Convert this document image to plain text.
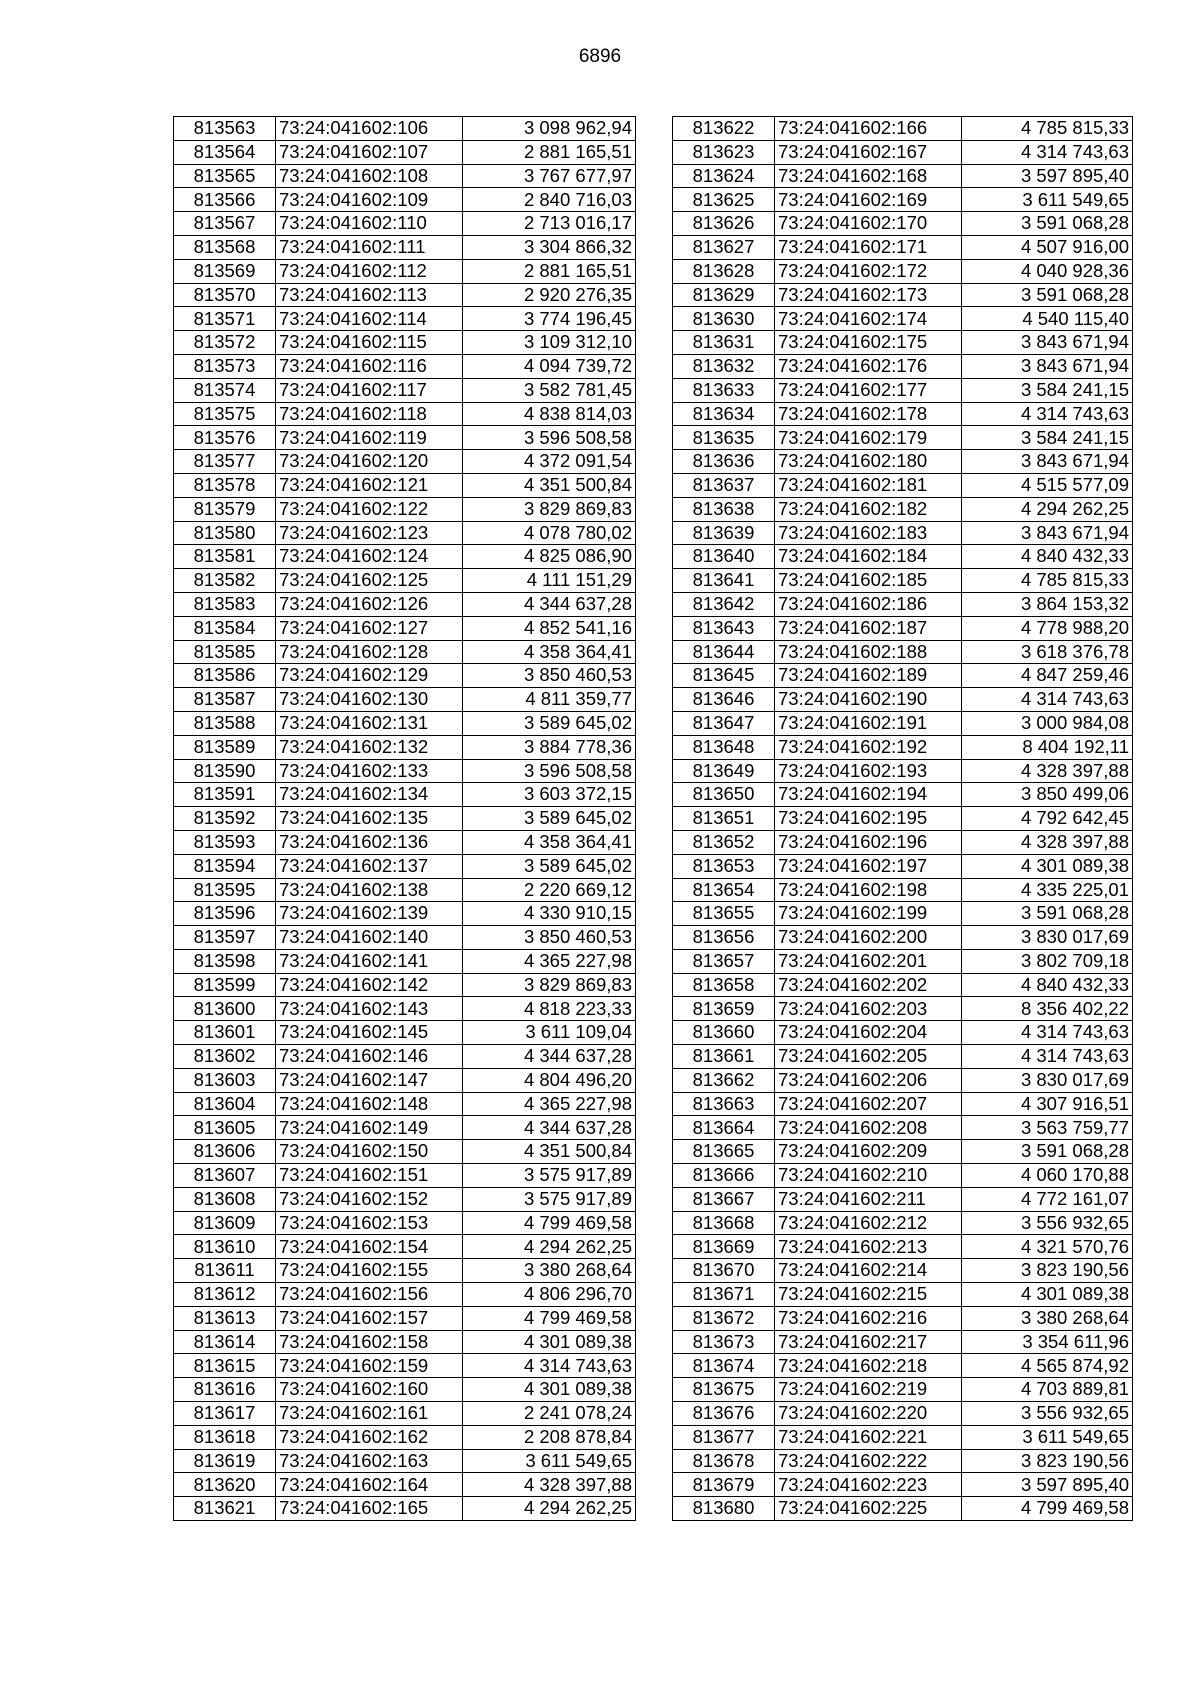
6896
813563	73:24:041602:106	3 098 962,94
813564	73:24:041602:107	2 881 165,51
813565	73:24:041602:108	3 767 677,97
813566	73:24:041602:109	2 840 716,03
813567	73:24:041602:110	2 713 016,17
813568	73:24:041602:111	3 304 866,32
813569	73:24:041602:112	2 881 165,51
813570	73:24:041602:113	2 920 276,35
813571	73:24:041602:114	3 774 196,45
813572	73:24:041602:115	3 109 312,10
813573	73:24:041602:116	4 094 739,72
813574	73:24:041602:117	3 582 781,45
813575	73:24:041602:118	4 838 814,03
813576	73:24:041602:119	3 596 508,58
813577	73:24:041602:120	4 372 091,54
813578	73:24:041602:121	4 351 500,84
813579	73:24:041602:122	3 829 869,83
813580	73:24:041602:123	4 078 780,02
813581	73:24:041602:124	4 825 086,90
813582	73:24:041602:125	4 111 151,29
813583	73:24:041602:126	4 344 637,28
813584	73:24:041602:127	4 852 541,16
813585	73:24:041602:128	4 358 364,41
813586	73:24:041602:129	3 850 460,53
813587	73:24:041602:130	4 811 359,77
813588	73:24:041602:131	3 589 645,02
813589	73:24:041602:132	3 884 778,36
813590	73:24:041602:133	3 596 508,58
813591	73:24:041602:134	3 603 372,15
813592	73:24:041602:135	3 589 645,02
813593	73:24:041602:136	4 358 364,41
813594	73:24:041602:137	3 589 645,02
813595	73:24:041602:138	2 220 669,12
813596	73:24:041602:139	4 330 910,15
813597	73:24:041602:140	3 850 460,53
813598	73:24:041602:141	4 365 227,98
813599	73:24:041602:142	3 829 869,83
813600	73:24:041602:143	4 818 223,33
813601	73:24:041602:145	3 611 109,04
813602	73:24:041602:146	4 344 637,28
813603	73:24:041602:147	4 804 496,20
813604	73:24:041602:148	4 365 227,98
813605	73:24:041602:149	4 344 637,28
813606	73:24:041602:150	4 351 500,84
813607	73:24:041602:151	3 575 917,89
813608	73:24:041602:152	3 575 917,89
813609	73:24:041602:153	4 799 469,58
813610	73:24:041602:154	4 294 262,25
813611	73:24:041602:155	3 380 268,64
813612	73:24:041602:156	4 806 296,70
813613	73:24:041602:157	4 799 469,58
813614	73:24:041602:158	4 301 089,38
813615	73:24:041602:159	4 314 743,63
813616	73:24:041602:160	4 301 089,38
813617	73:24:041602:161	2 241 078,24
813618	73:24:041602:162	2 208 878,84
813619	73:24:041602:163	3 611 549,65
813620	73:24:041602:164	4 328 397,88
813621	73:24:041602:165	4 294 262,25
813622	73:24:041602:166	4 785 815,33
813623	73:24:041602:167	4 314 743,63
813624	73:24:041602:168	3 597 895,40
813625	73:24:041602:169	3 611 549,65
813626	73:24:041602:170	3 591 068,28
813627	73:24:041602:171	4 507 916,00
813628	73:24:041602:172	4 040 928,36
813629	73:24:041602:173	3 591 068,28
813630	73:24:041602:174	4 540 115,40
813631	73:24:041602:175	3 843 671,94
813632	73:24:041602:176	3 843 671,94
813633	73:24:041602:177	3 584 241,15
813634	73:24:041602:178	4 314 743,63
813635	73:24:041602:179	3 584 241,15
813636	73:24:041602:180	3 843 671,94
813637	73:24:041602:181	4 515 577,09
813638	73:24:041602:182	4 294 262,25
813639	73:24:041602:183	3 843 671,94
813640	73:24:041602:184	4 840 432,33
813641	73:24:041602:185	4 785 815,33
813642	73:24:041602:186	3 864 153,32
813643	73:24:041602:187	4 778 988,20
813644	73:24:041602:188	3 618 376,78
813645	73:24:041602:189	4 847 259,46
813646	73:24:041602:190	4 314 743,63
813647	73:24:041602:191	3 000 984,08
813648	73:24:041602:192	8 404 192,11
813649	73:24:041602:193	4 328 397,88
813650	73:24:041602:194	3 850 499,06
813651	73:24:041602:195	4 792 642,45
813652	73:24:041602:196	4 328 397,88
813653	73:24:041602:197	4 301 089,38
813654	73:24:041602:198	4 335 225,01
813655	73:24:041602:199	3 591 068,28
813656	73:24:041602:200	3 830 017,69
813657	73:24:041602:201	3 802 709,18
813658	73:24:041602:202	4 840 432,33
813659	73:24:041602:203	8 356 402,22
813660	73:24:041602:204	4 314 743,63
813661	73:24:041602:205	4 314 743,63
813662	73:24:041602:206	3 830 017,69
813663	73:24:041602:207	4 307 916,51
813664	73:24:041602:208	3 563 759,77
813665	73:24:041602:209	3 591 068,28
813666	73:24:041602:210	4 060 170,88
813667	73:24:041602:211	4 772 161,07
813668	73:24:041602:212	3 556 932,65
813669	73:24:041602:213	4 321 570,76
813670	73:24:041602:214	3 823 190,56
813671	73:24:041602:215	4 301 089,38
813672	73:24:041602:216	3 380 268,64
813673	73:24:041602:217	3 354 611,96
813674	73:24:041602:218	4 565 874,92
813675	73:24:041602:219	4 703 889,81
813676	73:24:041602:220	3 556 932,65
813677	73:24:041602:221	3 611 549,65
813678	73:24:041602:222	3 823 190,56
813679	73:24:041602:223	3 597 895,40
813680	73:24:041602:225	4 799 469,58
